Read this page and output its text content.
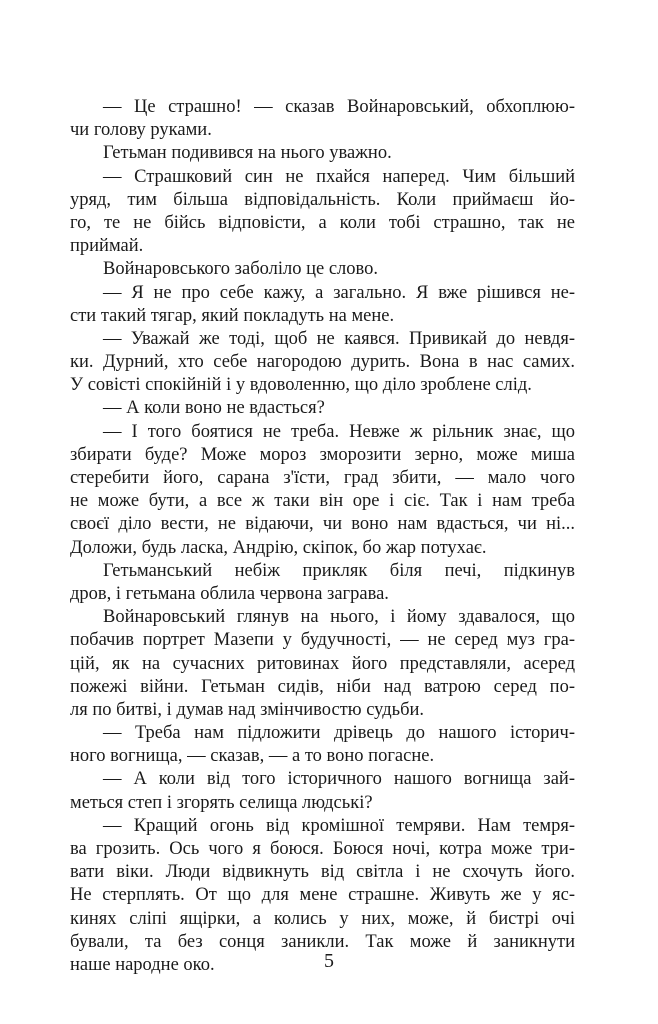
— Це страшно! — сказав Войнаровський, обхоплюю-
чи голову руками.
Гетьман подивився на нього уважно.
— Страшковий син не пхайся наперед. Чим більший
уряд, тим більша відповідальність. Коли приймаєш йо-
го, те не бійсь відповісти, а коли тобі страшно, так не
приймай.
Войнаровського заболіло це слово.
— Я не про себе кажу, а загально. Я вже рішився не-
сти такий тягар, який покладуть на мене.
— Уважай же тоді, щоб не каявся. Привикай до невдя-
ки. Дурний, хто себе нагородою дурить. Вона в нас самих.
У совісті спокійній і у вдоволенню, що діло зроблене слід.
— А коли воно не вдасться?
— І того боятися не треба. Невже ж рільник знає, що
збирати буде? Може мороз зморозити зерно, може миша
стеребити його, сарана з'їсти, град збити, — мало чого
не може бути, а все ж таки він оре і сіє. Так і нам треба
своєї діло вести, не відаючи, чи воно нам вдасться, чи ні...
Доложи, будь ласка, Андрію, скіпок, бо жар потухає.
Гетьманський небіж прикляк біля печі, підкинув
дров, і гетьмана облила червона заграва.
Войнаровський глянув на нього, і йому здавалося, що
побачив портрет Мазепи у будучності, — не серед муз гра-
цій, як на сучасних ритовинах його представляли, асеред
пожежі війни. Гетьман сидів, ніби над ватрою серед по-
ля по битві, і думав над змінчивостю судьби.
— Треба нам підложити дрівець до нашого історич-
ного вогнища, — сказав, — а то воно погасне.
— А коли від того історичного нашого вогнища зай-
меться степ і згорять селища людські?
— Кращий огонь від кромішної темряви. Нам темря-
ва грозить. Ось чого я боюся. Боюся ночі, котра може три-
вати віки. Люди відвикнуть від світла і не схочуть його.
Не стерплять. От що для мене страшне. Живуть же у яс-
кинях сліпі ящірки, а колись у них, може, й бистрі очі
бували, та без сонця заникли. Так може й заникнути
наше народне око.	5
